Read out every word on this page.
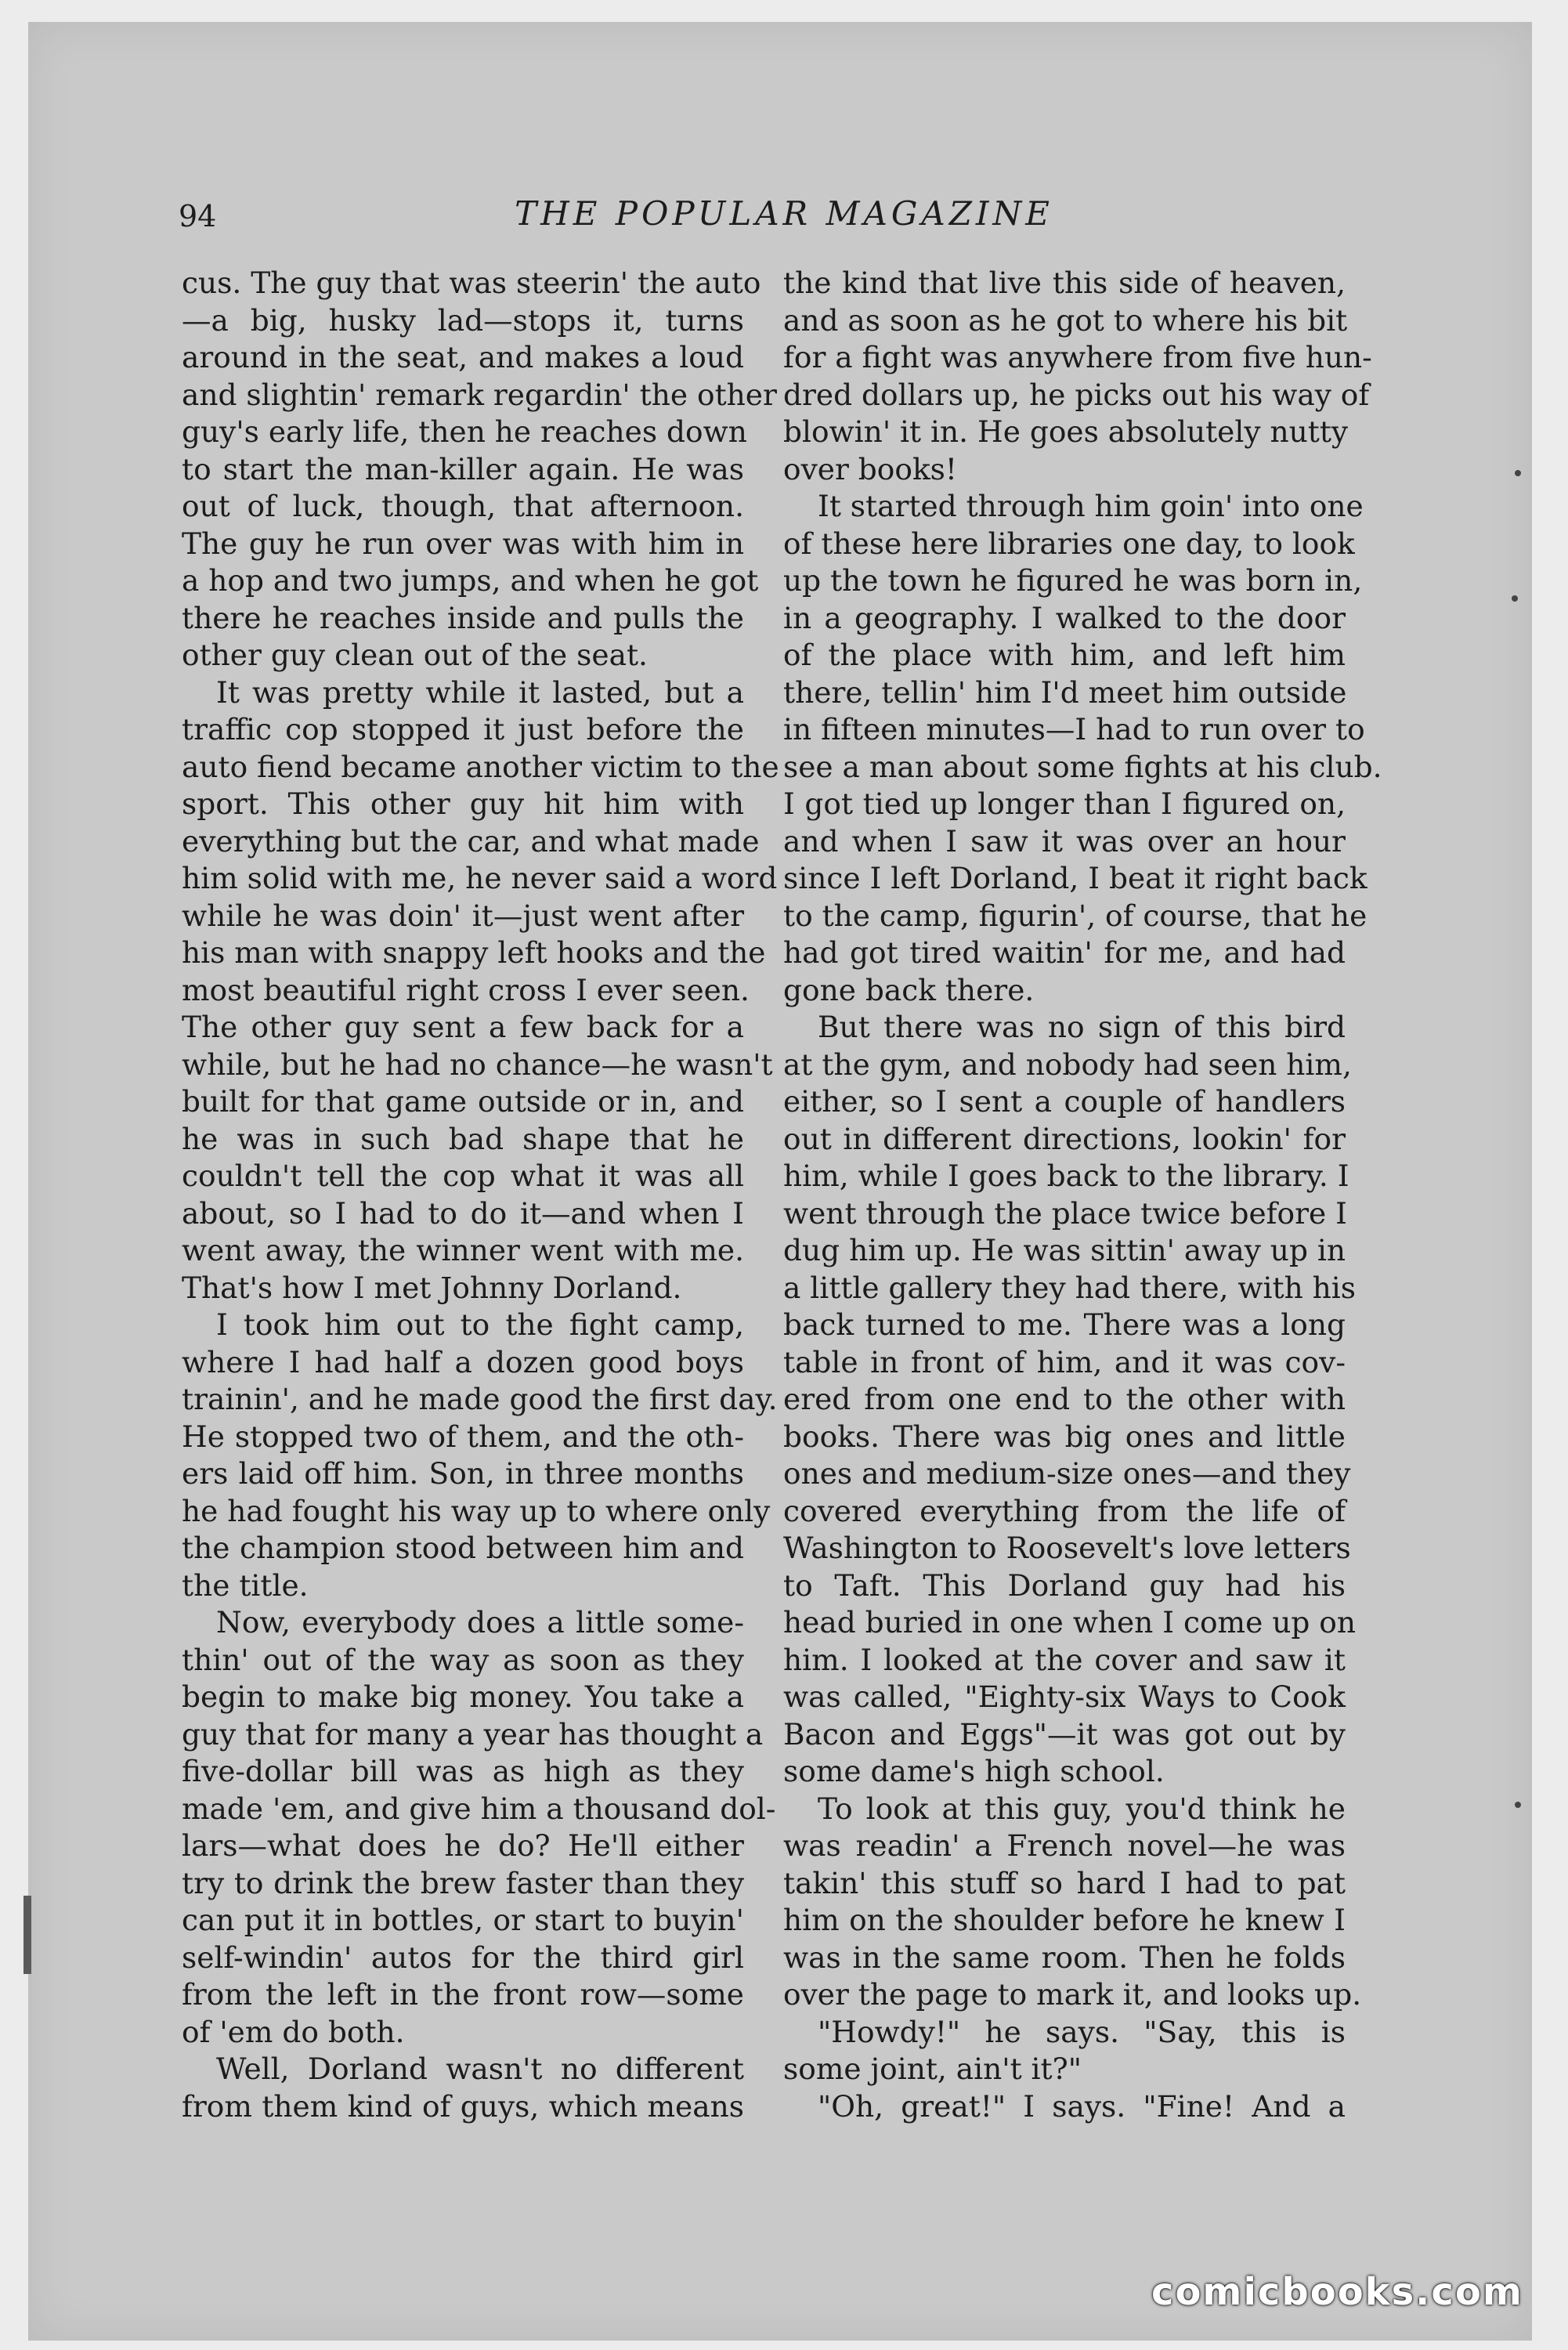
94	THE POPULAR MAGAZINE
cus. The guy that was steerin' the auto
—a big, husky lad—stops it, turns
around in the seat, and makes a loud
and slightin' remark regardin' the other
guy's early life, then he reaches down
to start the man-killer again. He was
out of luck, though, that afternoon.
The guy he run over was with him in
a hop and two jumps, and when he got
there he reaches inside and pulls the
other guy clean out of the seat.
It was pretty while it lasted, but a
traffic cop stopped it just before the
auto fiend became another victim to the
sport. This other guy hit him with
everything but the car, and what made
him solid with me, he never said a word
while he was doin' it—just went after
his man with snappy left hooks and the
most beautiful right cross I ever seen.
The other guy sent a few back for a
while, but he had no chance—he wasn't
built for that game outside or in, and
he was in such bad shape that he
couldn't tell the cop what it was all
about, so I had to do it—and when I
went away, the winner went with me.
That's how I met Johnny Dorland.
I took him out to the fight camp,
where I had half a dozen good boys
trainin', and he made good the first day.
He stopped two of them, and the oth-
ers laid off him. Son, in three months
he had fought his way up to where only
the champion stood between him and
the title.
Now, everybody does a little some-
thin' out of the way as soon as they
begin to make big money. You take a
guy that for many a year has thought a
five-dollar bill was as high as they
made 'em, and give him a thousand dol-
lars—what does he do? He'll either
try to drink the brew faster than they
can put it in bottles, or start to buyin'
self-windin' autos for the third girl
from the left in the front row—some
of 'em do both.
Well, Dorland wasn't no different
from them kind of guys, which means
the kind that live this side of heaven,
and as soon as he got to where his bit
for a fight was anywhere from five hun-
dred dollars up, he picks out his way of
blowin' it in. He goes absolutely nutty
over books!
It started through him goin' into one
of these here libraries one day, to look
up the town he figured he was born in,
in a geography. I walked to the door
of the place with him, and left him
there, tellin' him I'd meet him outside
in fifteen minutes—I had to run over to
see a man about some fights at his club.
I got tied up longer than I figured on,
and when I saw it was over an hour
since I left Dorland, I beat it right back
to the camp, figurin', of course, that he
had got tired waitin' for me, and had
gone back there.
But there was no sign of this bird
at the gym, and nobody had seen him,
either, so I sent a couple of handlers
out in different directions, lookin' for
him, while I goes back to the library. I
went through the place twice before I
dug him up. He was sittin' away up in
a little gallery they had there, with his
back turned to me. There was a long
table in front of him, and it was cov-
ered from one end to the other with
books. There was big ones and little
ones and medium-size ones—and they
covered everything from the life of
Washington to Roosevelt's love letters
to Taft. This Dorland guy had his
head buried in one when I come up on
him. I looked at the cover and saw it
was called, "Eighty-six Ways to Cook
Bacon and Eggs"—it was got out by
some dame's high school.
To look at this guy, you'd think he
was readin' a French novel—he was
takin' this stuff so hard I had to pat
him on the shoulder before he knew I
was in the same room. Then he folds
over the page to mark it, and looks up.
"Howdy!" he says. "Say, this is
some joint, ain't it?"
"Oh, great!" I says. "Fine! And a
comicbooks.com
